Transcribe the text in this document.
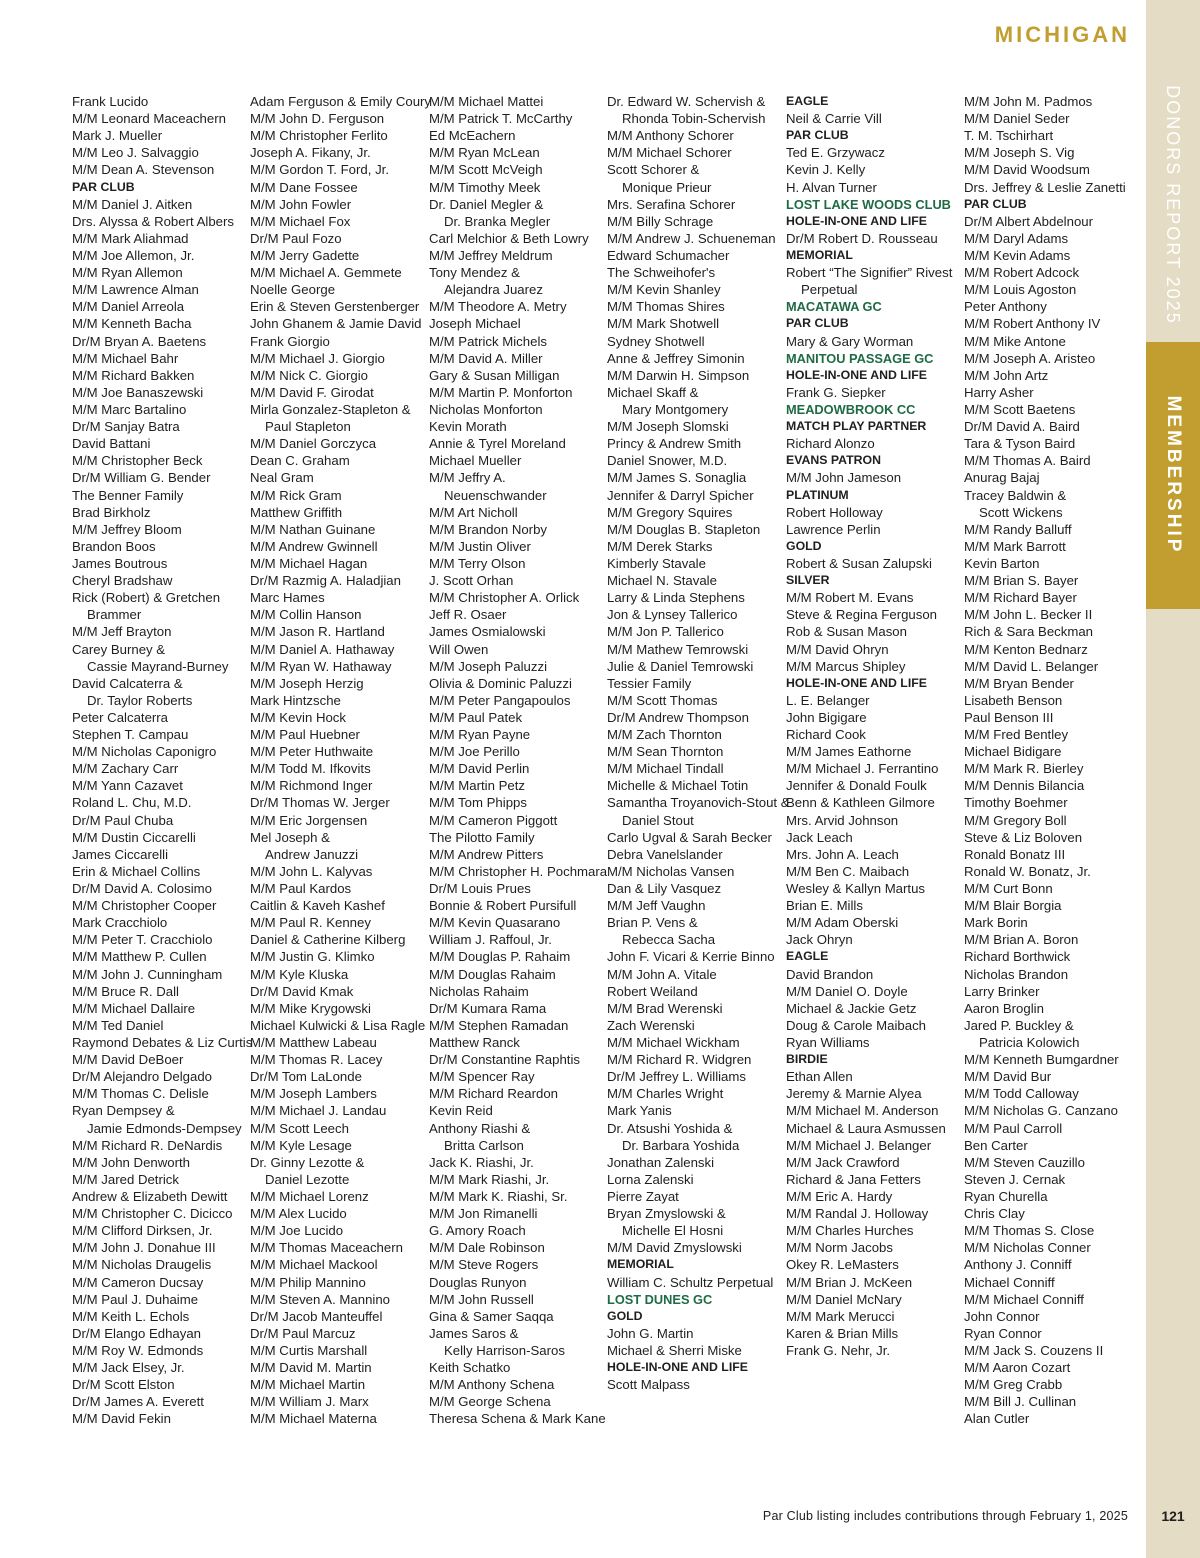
MICHIGAN
DONORS REPORT 2025
MEMBERSHIP
Frank Lucido
M/M Leonard Maceachern
Mark J. Mueller
M/M Leo J. Salvaggio
M/M Dean A. Stevenson
PAR CLUB
M/M Daniel J. Aitken
Drs. Alyssa & Robert Albers
M/M Mark Aliahmad
M/M Joe Allemon, Jr.
M/M Ryan Allemon
M/M Lawrence Alman
M/M Daniel Arreola
M/M Kenneth Bacha
Dr/M Bryan A. Baetens
M/M Michael Bahr
M/M Richard Bakken
M/M Joe Banaszewski
M/M Marc Bartalino
Dr/M Sanjay Batra
David Battani
M/M Christopher Beck
Dr/M William G. Bender
The Benner Family
Brad Birkholz
M/M Jeffrey Bloom
Brandon Boos
James Boutrous
Cheryl Bradshaw
Rick (Robert) & Gretchen
Brammer
M/M Jeff Brayton
Carey Burney &
Cassie Mayrand-Burney
David Calcaterra &
Dr. Taylor Roberts
Peter Calcaterra
Stephen T. Campau
M/M Nicholas Caponigro
M/M Zachary Carr
M/M Yann Cazavet
Roland L. Chu, M.D.
Dr/M Paul Chuba
M/M Dustin Ciccarelli
James Ciccarelli
Erin & Michael Collins
Dr/M David A. Colosimo
M/M Christopher Cooper
Mark Cracchiolo
M/M Peter T. Cracchiolo
M/M Matthew P. Cullen
M/M John J. Cunningham
M/M Bruce R. Dall
M/M Michael Dallaire
M/M Ted Daniel
Raymond Debates & Liz Curtis
M/M David DeBoer
Dr/M Alejandro Delgado
M/M Thomas C. Delisle
Ryan Dempsey &
Jamie Edmonds-Dempsey
M/M Richard R. DeNardis
M/M John Denworth
M/M Jared Detrick
Andrew & Elizabeth Dewitt
M/M Christopher C. Dicicco
M/M Clifford Dirksen, Jr.
M/M John J. Donahue III
M/M Nicholas Draugelis
M/M Cameron Ducsay
M/M Paul J. Duhaime
M/M Keith L. Echols
Dr/M Elango Edhayan
M/M Roy W. Edmonds
M/M Jack Elsey, Jr.
Dr/M Scott Elston
Dr/M James A. Everett
M/M David Fekin
Adam Ferguson & Emily Coury
M/M John D. Ferguson
M/M Christopher Ferlito
Joseph A. Fikany, Jr.
M/M Gordon T. Ford, Jr.
M/M Dane Fossee
M/M John Fowler
M/M Michael Fox
Dr/M Paul Fozo
M/M Jerry Gadette
M/M Michael A. Gemmete
Noelle George
Erin & Steven Gerstenberger
John Ghanem & Jamie David
Frank Giorgio
M/M Michael J. Giorgio
M/M Nick C. Giorgio
M/M David F. Girodat
Mirla Gonzalez-Stapleton &
Paul Stapleton
M/M Daniel Gorczyca
Dean C. Graham
Neal Gram
M/M Rick Gram
Matthew Griffith
M/M Nathan Guinane
M/M Andrew Gwinnell
M/M Michael Hagan
Dr/M Razmig A. Haladjian
Marc Hames
M/M Collin Hanson
M/M Jason R. Hartland
M/M Daniel A. Hathaway
M/M Ryan W. Hathaway
M/M Joseph Herzig
Mark Hintzsche
M/M Kevin Hock
M/M Paul Huebner
M/M Peter Huthwaite
M/M Todd M. Ifkovits
M/M Richmond Inger
Dr/M Thomas W. Jerger
M/M Eric Jorgensen
Mel Joseph &
Andrew Januzzi
M/M John L. Kalyvas
M/M Paul Kardos
Caitlin & Kaveh Kashef
M/M Paul R. Kenney
Daniel & Catherine Kilberg
M/M Justin G. Klimko
M/M Kyle Kluska
Dr/M David Kmak
M/M Mike Krygowski
Michael Kulwicki & Lisa Ragle
M/M Matthew Labeau
M/M Thomas R. Lacey
Dr/M Tom LaLonde
M/M Joseph Lambers
M/M Michael J. Landau
M/M Scott Leech
M/M Kyle Lesage
Dr. Ginny Lezotte &
Daniel Lezotte
M/M Michael Lorenz
M/M Alex Lucido
M/M Joe Lucido
M/M Thomas Maceachern
M/M Michael Mackool
M/M Philip Mannino
M/M Steven A. Mannino
Dr/M Jacob Manteuffel
Dr/M Paul Marcuz
M/M Curtis Marshall
M/M David M. Martin
M/M Michael Martin
M/M William J. Marx
M/M Michael Materna
M/M Michael Mattei
M/M Patrick T. McCarthy
Ed McEachern
M/M Ryan McLean
M/M Scott McVeigh
M/M Timothy Meek
Dr. Daniel Megler &
Dr. Branka Megler
Carl Melchior & Beth Lowry
M/M Jeffrey Meldrum
Tony Mendez &
Alejandra Juarez
M/M Theodore A. Metry
Joseph Michael
M/M Patrick Michels
M/M David A. Miller
Gary & Susan Milligan
M/M Martin P. Monforton
Nicholas Monforton
Kevin Morath
Annie & Tyrel Moreland
Michael Mueller
M/M Jeffry A.
Neuenschwander
M/M Art Nicholl
M/M Brandon Norby
M/M Justin Oliver
M/M Terry Olson
J. Scott Orhan
M/M Christopher A. Orlick
Jeff R. Osaer
James Osmialowski
Will Owen
M/M Joseph Paluzzi
Olivia & Dominic Paluzzi
M/M Peter Pangapoulos
M/M Paul Patek
M/M Ryan Payne
M/M Joe Perillo
M/M David Perlin
M/M Martin Petz
M/M Tom Phipps
M/M Cameron Piggott
The Pilotto Family
M/M Andrew Pitters
M/M Christopher H. Pochmara
Dr/M Louis Prues
Bonnie & Robert Pursifull
M/M Kevin Quasarano
William J. Raffoul, Jr.
M/M Douglas P. Rahaim
M/M Douglas Rahaim
Nicholas Rahaim
Dr/M Kumara Rama
M/M Stephen Ramadan
Matthew Ranck
Dr/M Constantine Raphtis
M/M Spencer Ray
M/M Richard Reardon
Kevin Reid
Anthony Riashi &
Britta Carlson
Jack K. Riashi, Jr.
M/M Mark Riashi, Jr.
M/M Mark K. Riashi, Sr.
M/M Jon Rimanelli
G. Amory Roach
M/M Dale Robinson
M/M Steve Rogers
Douglas Runyon
M/M John Russell
Gina & Samer Saqqa
James Saros &
Kelly Harrison-Saros
Keith Schatko
M/M Anthony Schena
M/M George Schena
Theresa Schena & Mark Kane
Dr. Edward W. Schervish &
Rhonda Tobin-Schervish
M/M Anthony Schorer
M/M Michael Schorer
Scott Schorer &
Monique Prieur
Mrs. Serafina Schorer
M/M Billy Schrage
M/M Andrew J. Schueneman
Edward Schumacher
The Schweihofer's
M/M Kevin Shanley
M/M Thomas Shires
M/M Mark Shotwell
Sydney Shotwell
Anne & Jeffrey Simonin
M/M Darwin H. Simpson
Michael Skaff &
Mary Montgomery
M/M Joseph Slomski
Princy & Andrew Smith
Daniel Snower, M.D.
M/M James S. Sonaglia
Jennifer & Darryl Spicher
M/M Gregory Squires
M/M Douglas B. Stapleton
M/M Derek Starks
Kimberly Stavale
Michael N. Stavale
Larry & Linda Stephens
Jon & Lynsey Tallerico
M/M Jon P. Tallerico
M/M Mathew Temrowski
Julie & Daniel Temrowski
Tessier Family
M/M Scott Thomas
Dr/M Andrew Thompson
M/M Zach Thornton
M/M Sean Thornton
M/M Michael Tindall
Michelle & Michael Totin
Samantha Troyanovich-Stout &
Daniel Stout
Carlo Ugval & Sarah Becker
Debra Vanelslander
M/M Nicholas Vansen
Dan & Lily Vasquez
M/M Jeff Vaughn
Brian P. Vens &
Rebecca Sacha
John F. Vicari & Kerrie Binno
M/M John A. Vitale
Robert Weiland
M/M Brad Werenski
Zach Werenski
M/M Michael Wickham
M/M Richard R. Widgren
Dr/M Jeffrey L. Williams
M/M Charles Wright
Mark Yanis
Dr. Atsushi Yoshida &
Dr. Barbara Yoshida
Jonathan Zalenski
Lorna Zalenski
Pierre Zayat
Bryan Zmyslowski &
Michelle El Hosni
M/M David Zmyslowski
MEMORIAL
William C. Schultz Perpetual
LOST DUNES GC
GOLD
John G. Martin
Michael & Sherri Miske
HOLE-IN-ONE AND LIFE
Scott Malpass
EAGLE
Neil & Carrie Vill
PAR CLUB
Ted E. Grzywacz
Kevin J. Kelly
H. Alvan Turner
LOST LAKE WOODS CLUB
HOLE-IN-ONE AND LIFE
Dr/M Robert D. Rousseau
MEMORIAL
Robert “The Signifier” Rivest
Perpetual
MACATAWA GC
PAR CLUB
Mary & Gary Worman
MANITOU PASSAGE GC
HOLE-IN-ONE AND LIFE
Frank G. Siepker
MEADOWBROOK CC
MATCH PLAY PARTNER
Richard Alonzo
EVANS PATRON
M/M John Jameson
PLATINUM
Robert Holloway
Lawrence Perlin
GOLD
Robert & Susan Zalupski
SILVER
M/M Robert M. Evans
Steve & Regina Ferguson
Rob & Susan Mason
M/M David Ohryn
M/M Marcus Shipley
HOLE-IN-ONE AND LIFE
L. E. Belanger
John Bigigare
Richard Cook
M/M James Eathorne
M/M Michael J. Ferrantino
Jennifer & Donald Foulk
Benn & Kathleen Gilmore
Mrs. Arvid Johnson
Jack Leach
Mrs. John A. Leach
M/M Ben C. Maibach
Wesley & Kallyn Martus
Brian E. Mills
M/M Adam Oberski
Jack Ohryn
EAGLE
David Brandon
M/M Daniel O. Doyle
Michael & Jackie Getz
Doug & Carole Maibach
Ryan Williams
BIRDIE
Ethan Allen
Jeremy & Marnie Alyea
M/M Michael M. Anderson
Michael & Laura Asmussen
M/M Michael J. Belanger
M/M Jack Crawford
Richard & Jana Fetters
M/M Eric A. Hardy
M/M Randal J. Holloway
M/M Charles Hurches
M/M Norm Jacobs
Okey R. LeMasters
M/M Brian J. McKeen
M/M Daniel McNary
M/M Mark Merucci
Karen & Brian Mills
Frank G. Nehr, Jr.
M/M John M. Padmos
M/M Daniel Seder
T. M. Tschirhart
M/M Joseph S. Vig
M/M David Woodsum
Drs. Jeffrey & Leslie Zanetti
PAR CLUB
Dr/M Albert Abdelnour
M/M Daryl Adams
M/M Kevin Adams
M/M Robert Adcock
M/M Louis Agoston
Peter Anthony
M/M Robert Anthony IV
M/M Mike Antone
M/M Joseph A. Aristeo
M/M John Artz
Harry Asher
M/M Scott Baetens
Dr/M David A. Baird
Tara & Tyson Baird
M/M Thomas A. Baird
Anurag Bajaj
Tracey Baldwin &
Scott Wickens
M/M Randy Balluff
M/M Mark Barrott
Kevin Barton
M/M Brian S. Bayer
M/M Richard Bayer
M/M John L. Becker II
Rich & Sara Beckman
M/M Kenton Bednarz
M/M David L. Belanger
M/M Bryan Bender
Lisabeth Benson
Paul Benson III
M/M Fred Bentley
Michael Bidigare
M/M Mark R. Bierley
M/M Dennis Bilancia
Timothy Boehmer
M/M Gregory Boll
Steve & Liz Boloven
Ronald Bonatz III
Ronald W. Bonatz, Jr.
M/M Curt Bonn
M/M Blair Borgia
Mark Borin
M/M Brian A. Boron
Richard Borthwick
Nicholas Brandon
Larry Brinker
Aaron Broglin
Jared P. Buckley &
Patricia Kolowich
M/M Kenneth Bumgardner
M/M David Bur
M/M Todd Calloway
M/M Nicholas G. Canzano
M/M Paul Carroll
Ben Carter
M/M Steven Cauzillo
Steven J. Cernak
Ryan Churella
Chris Clay
M/M Thomas S. Close
M/M Nicholas Conner
Anthony J. Conniff
Michael Conniff
M/M Michael Conniff
John Connor
Ryan Connor
M/M Jack S. Couzens II
M/M Aaron Cozart
M/M Greg Crabb
M/M Bill J. Cullinan
Alan Cutler
Par Club listing includes contributions through February 1, 2025	121
